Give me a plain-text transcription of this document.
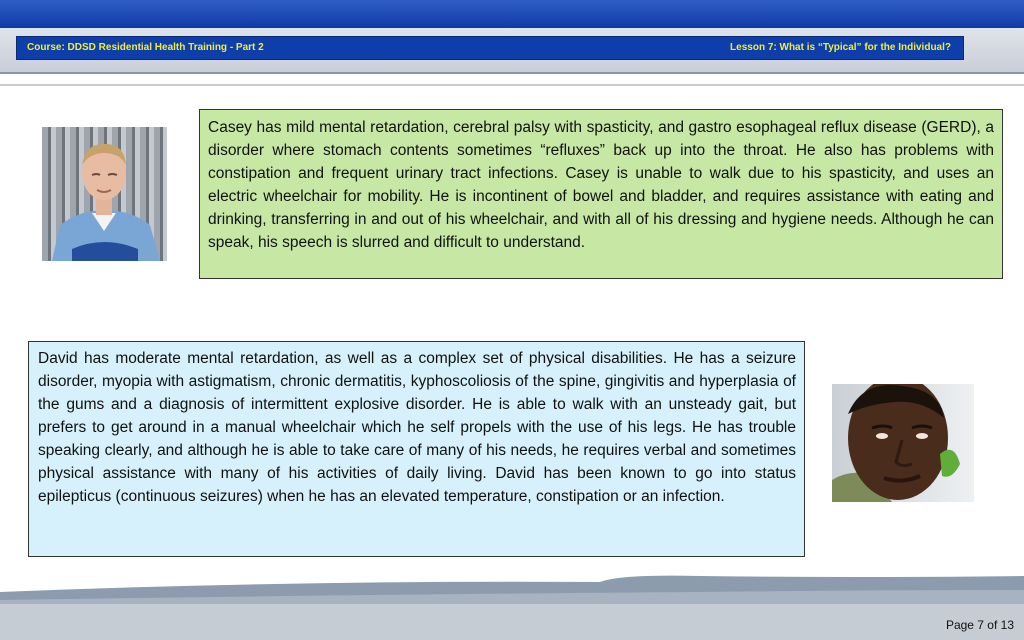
Course: DDSD Residential Health Training - Part 2	Lesson 7: What is “Typical” for the Individual?
Casey has mild mental retardation, cerebral palsy with spasticity, and gastro esophageal reflux disease (GERD), a disorder where stomach contents sometimes “refluxes” back up into the throat. He also has problems with constipation and frequent urinary tract infections. Casey is unable to walk due to his spasticity, and uses an electric wheelchair for mobility. He is incontinent of bowel and bladder, and requires assistance with eating and drinking, transferring in and out of his wheelchair, and with all of his dressing and hygiene needs. Although he can speak, his speech is slurred and difficult to understand.
David has moderate mental retardation, as well as a complex set of physical disabilities. He has a seizure disorder, myopia with astigmatism, chronic dermatitis, kyphoscoliosis of the spine, gingivitis and hyperplasia of the gums and a diagnosis of intermittent explosive disorder. He is able to walk with an unsteady gait, but prefers to get around in a manual wheelchair which he self propels with the use of his legs. He has trouble speaking clearly, and although he is able to take care of many of his needs, he requires verbal and sometimes physical assistance with many of his activities of daily living. David has been known to go into status epilepticus (continuous seizures) when he has an elevated temperature, constipation or an infection.
Page 7 of 13
